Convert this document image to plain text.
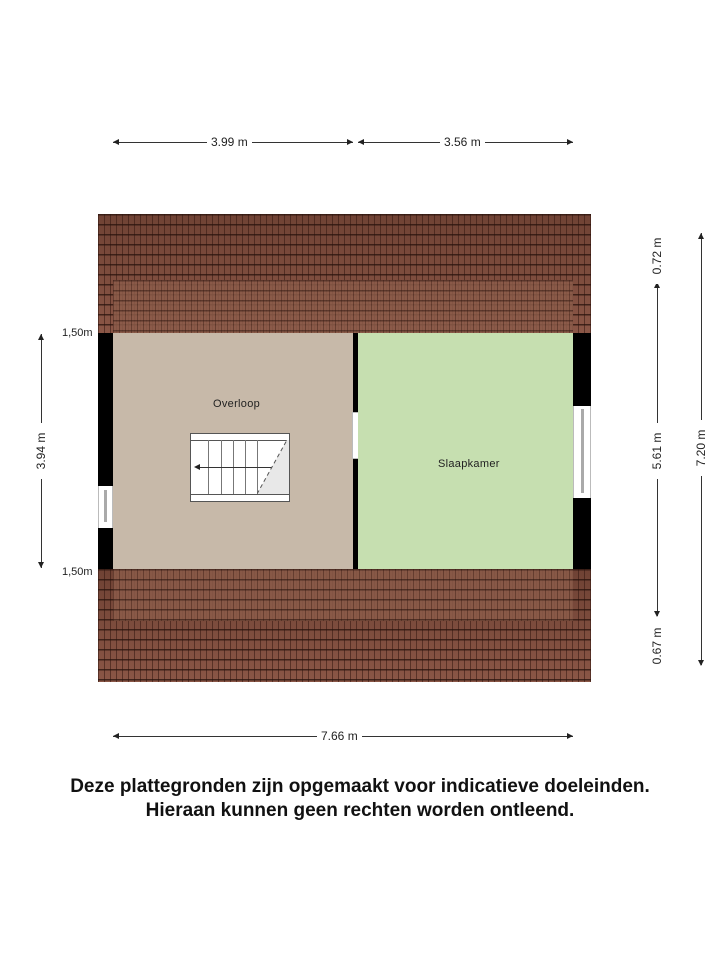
3.99 m	3.56 m
Overloop
Slaapkamer
1,50m
1,50m
3.94 m
0.72 m
5.61 m
0.67 m
7.20 m
7.66 m
Deze plattegronden zijn opgemaakt voor indicatieve doeleinden.
Hieraan kunnen geen rechten worden ontleend.
